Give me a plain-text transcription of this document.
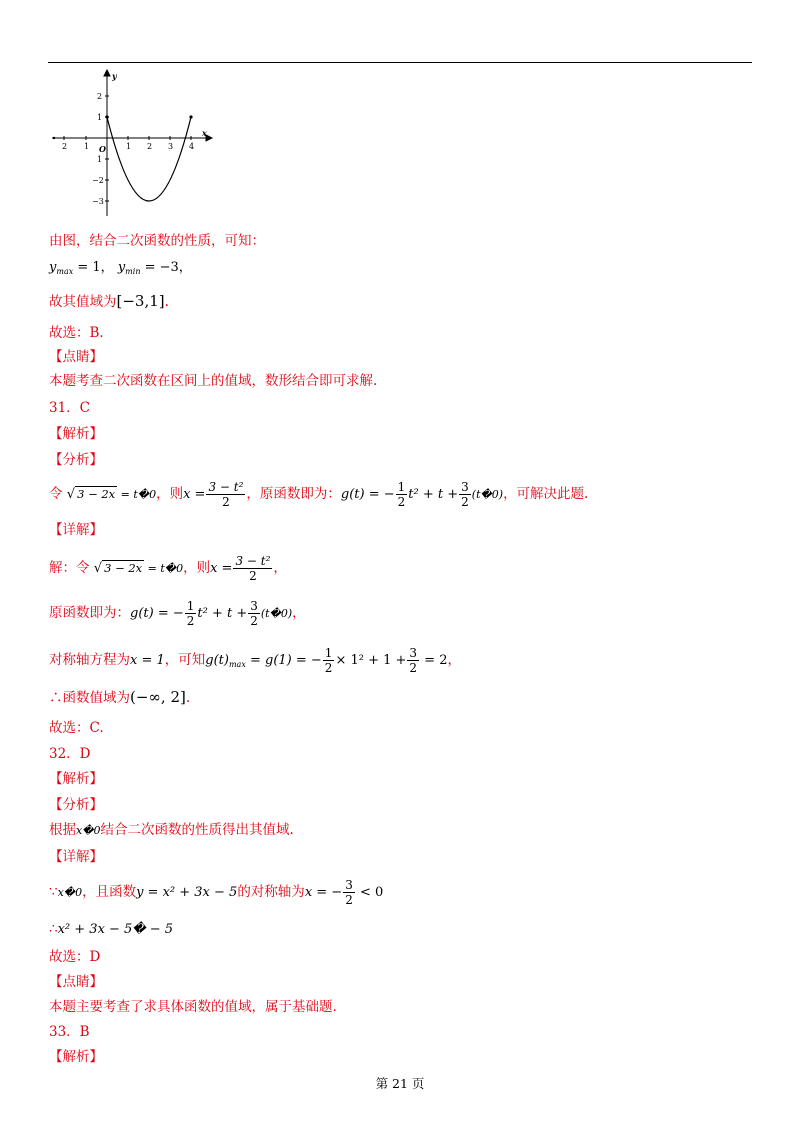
y
x
O
2 1	1 2 3 4
2
1
1
−2
−3
由图，结合二次函数的性质，可知：
$y_{max} = 1$， $y_{min} = -3$，
故其值域为[−3,1].
故选：B.
【点睛】
本题考查二次函数在区间上的值域，数形结合即可求解.
31．C
【解析】
【分析】
令 √ 3 − 2x = t�0，则$x = \frac{\text{3 − t²}}{2}$ ，原函数即为：g(t) = − $\frac{1}{2} t^2 + t + \frac{3}{2}$ (t�0)，可解决此题.
【详解】
解：令 √ 3 − 2x = t�0，则$x = \frac{\text{3 − t²}}{2}$ ，
原函数即为：g(t) = − $\frac{1}{2} t^2 + t + \frac{3}{2}$ (t�0)，
对称轴方程为x = 1，可知$g(t)_{max} = g(1)$ = − $\frac{1}{2} \times 1^2 + 1 + \frac{3}{2} = 2$，
∴函数值域为(−∞, 2].
故选：C.
32．D
【解析】
【分析】
根据x�0结合二次函数的性质得出其值域.
【详解】
∵x�0，且函数y = x² + 3x − 5的对称轴为x = − $\frac{3}{2} < 0$
∴x² + 3x − 5� − 5
故选：D
【点睛】
本题主要考查了求具体函数的值域，属于基础题.
33．B
【解析】
第 21 页
